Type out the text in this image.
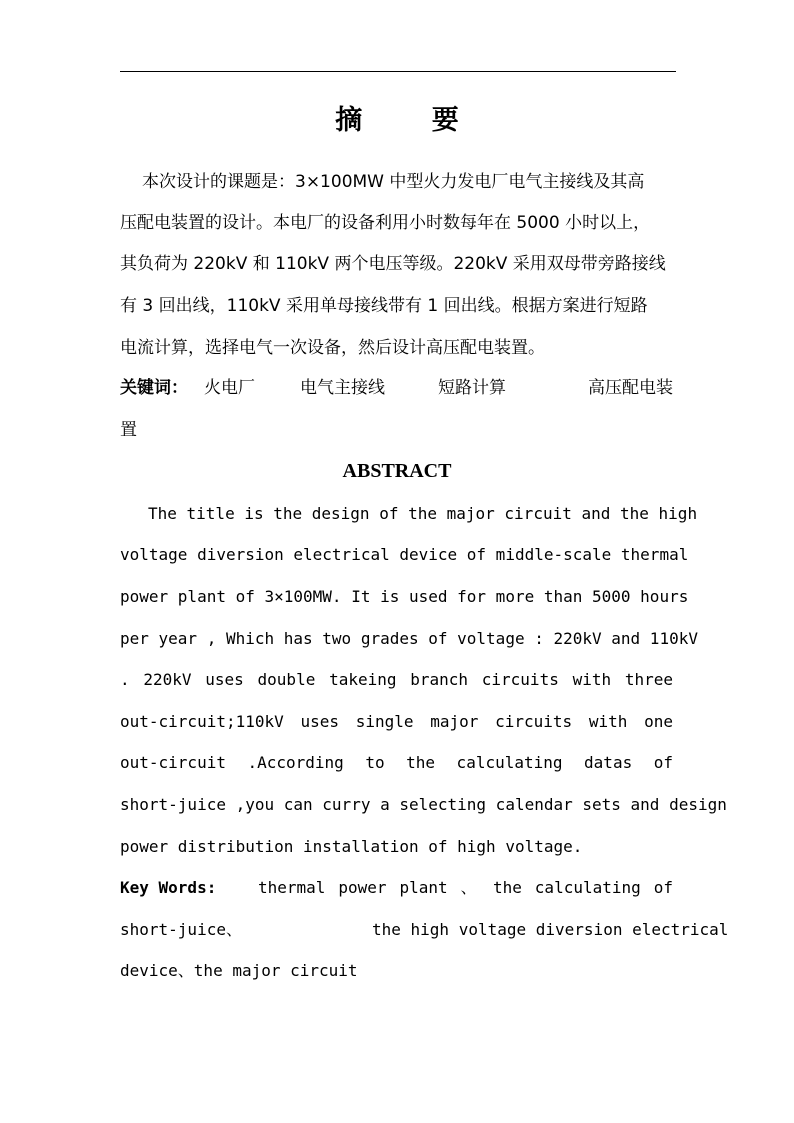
摘 要
本次设计的课题是：3×100MW 中型火力发电厂电气主接线及其高
压配电装置的设计。本电厂的设备利用小时数每年在 5000 小时以上，
其负荷为 220kV 和 110kV 两个电压等级。220kV 采用双母带旁路接线
有 3 回出线，110kV 采用单母接线带有 1 回出线。根据方案进行短路
电流计算，选择电气一次设备，然后设计高压配电装置。
关键词： 火电厂	电气主接线	短路计算	高压配电装
置
ABSTRACT
The title is the design of the major circuit and the high
voltage diversion electrical device of middle-scale thermal
power plant of 3×100MW. It is used for more than 5000 hours
per year , Which has two grades of voltage : 220kV and 110kV
. 220kV uses double takeing branch circuits with three
out-circuit;110kV uses single major circuits with one
out-circuit .According to the calculating datas of
short-juice ,you can curry a selecting calendar sets and design
power distribution installation of high voltage.
Key Words:	thermal power plant 、 the calculating of
short-juice、	the high voltage diversion electrical
device、the major circuit
